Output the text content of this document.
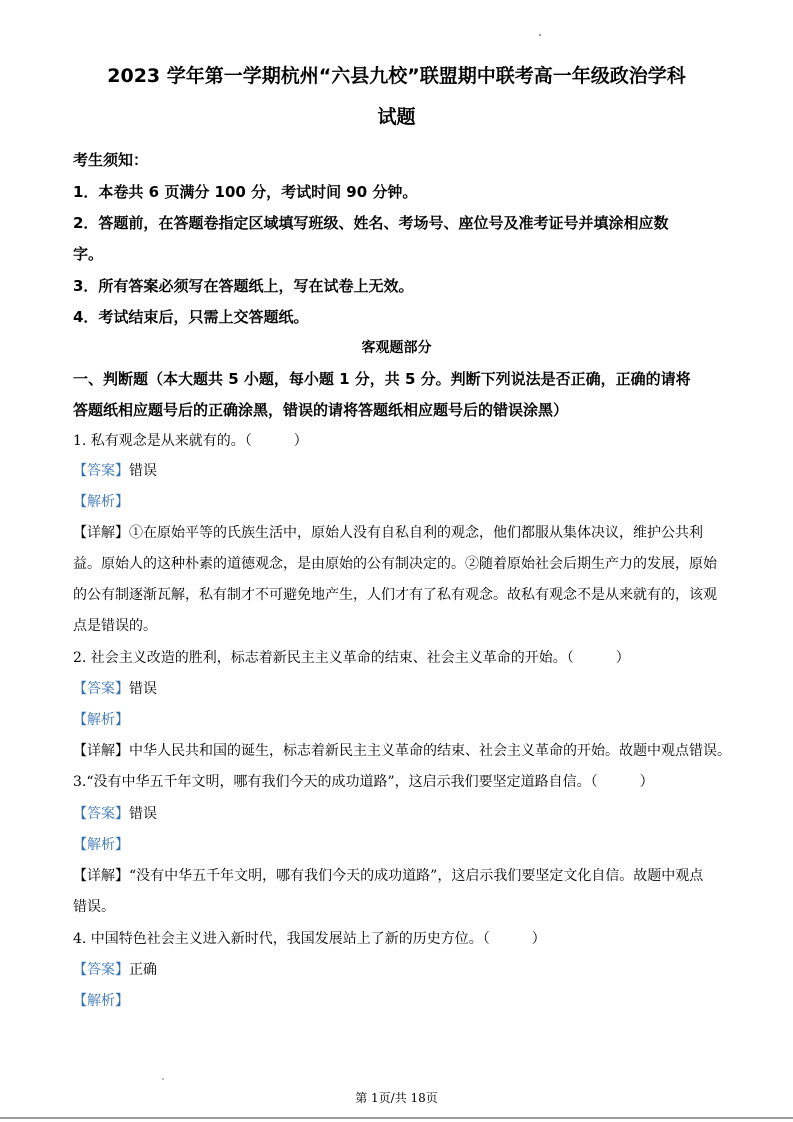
2023 学年第一学期杭州“六县九校”联盟期中联考高一年级政治学科
试题
考生须知：
1．本卷共 6 页满分 100 分，考试时间 90 分钟。
2．答题前，在答题卷指定区域填写班级、姓名、考场号、座位号及准考证号并填涂相应数
字。
3．所有答案必须写在答题纸上，写在试卷上无效。
4．考试结束后，只需上交答题纸。
客观题部分
一、判断题（本大题共 5 小题，每小题 1 分，共 5 分。判断下列说法是否正确，正确的请将
答题纸相应题号后的正确涂黑，错误的请将答题纸相应题号后的错误涂黑）
1. 私有观念是从来就有的。（　　　）
【答案】错误
【解析】
【详解】①在原始平等的氏族生活中，原始人没有自私自利的观念，他们都服从集体决议，维护公共利
益。原始人的这种朴素的道德观念，是由原始的公有制决定的。②随着原始社会后期生产力的发展，原始
的公有制逐渐瓦解，私有制才不可避免地产生，人们才有了私有观念。故私有观念不是从来就有的，该观
点是错误的。
2. 社会主义改造的胜利，标志着新民主主义革命的结束、社会主义革命的开始。（　　　）
【答案】错误
【解析】
【详解】中华人民共和国的诞生，标志着新民主主义革命的结束、社会主义革命的开始。故题中观点错误。
3.“没有中华五千年文明，哪有我们今天的成功道路”，这启示我们要坚定道路自信。（　　　）
【答案】错误
【解析】
【详解】“没有中华五千年文明，哪有我们今天的成功道路”，这启示我们要坚定文化自信。故题中观点
错误。
4. 中国特色社会主义进入新时代，我国发展站上了新的历史方位。（　　　）
【答案】正确
【解析】
第 1页/共 18页
